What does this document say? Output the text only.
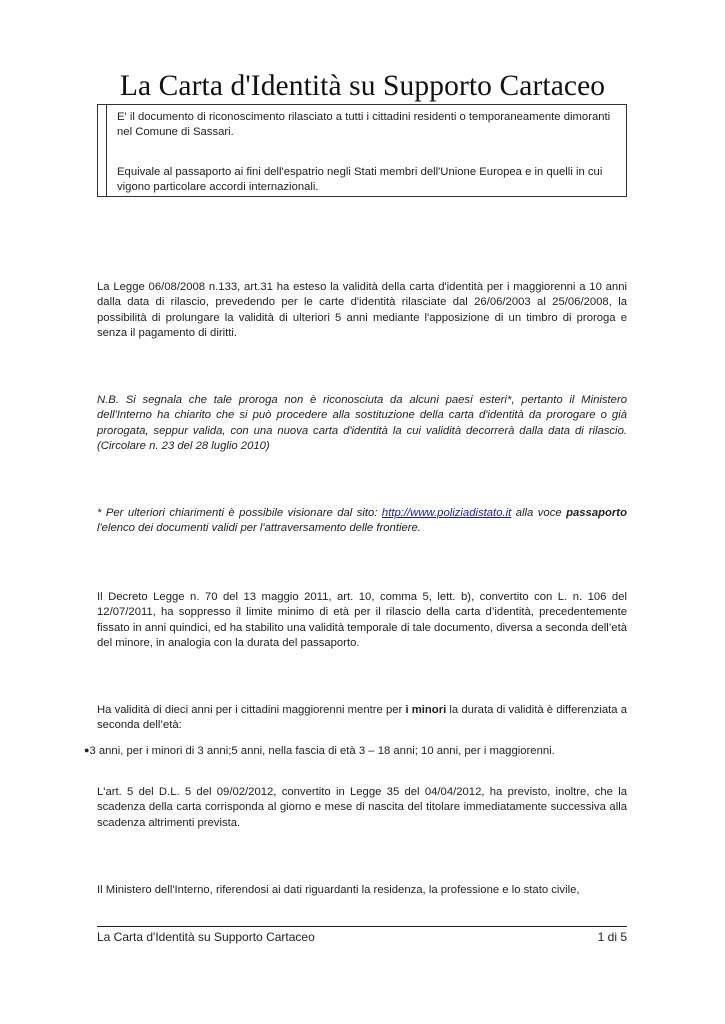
La Carta d'Identità su Supporto Cartaceo
E' il documento di riconoscimento rilasciato a tutti i cittadini residenti o temporaneamente dimoranti nel Comune di Sassari.
Equivale al passaporto ai fini dell'espatrio negli Stati membri dell'Unione Europea e in quelli in cui vigono particolare accordi internazionali.
La Legge 06/08/2008 n.133, art.31 ha esteso la validità della carta d'identità per i maggiorenni a 10 anni dalla data di rilascio, prevedendo per le carte d'identità rilasciate dal 26/06/2003 al 25/06/2008, la possibilità di prolungare la validità di ulteriori 5 anni mediante l'apposizione di un timbro di proroga e senza il pagamento di diritti.
N.B. Si segnala che tale proroga non è riconosciuta da alcuni paesi esteri*, pertanto il Ministero dell'Interno ha chiarito che si può procedere alla sostituzione della carta d'identità da prorogare o già prorogata, seppur valida, con una nuova carta d'identità la cui validità decorrerà dalla data di rilascio. (Circolare n. 23 del 28 luglio 2010)
* Per ulteriori chiarimenti è possibile visionare dal sito: http://www.poliziadistato.it alla voce passaporto l'elenco dei documenti validi per l'attraversamento delle frontiere.
Il Decreto Legge n. 70 del 13 maggio 2011, art. 10, comma 5, lett. b), convertito con L. n. 106 del 12/07/2011, ha soppresso il limite minimo di età per il rilascio della carta d’identità, precedentemente fissato in anni quindici, ed ha stabilito una validità temporale di tale documento, diversa a seconda dell’età del minore, in analogia con la durata del passaporto.
Ha validità di dieci anni per i cittadini maggiorenni mentre per i minori la durata di validità è differenziata a seconda dell’età:
●3 anni, per i minori di 3 anni;5 anni, nella fascia di età 3 – 18 anni; 10 anni, per i maggiorenni.
L'art. 5 del D.L. 5 del 09/02/2012, convertito in Legge 35 del 04/04/2012, ha previsto, inoltre, che la scadenza della carta corrisponda al giorno e mese di nascita del titolare immediatamente successiva alla scadenza altrimenti prevista.
Il Ministero dell'Interno, riferendosi ai dati riguardanti la residenza, la professione e lo stato civile,
La Carta d'Identità su Supporto Cartaceo	1 di 5
